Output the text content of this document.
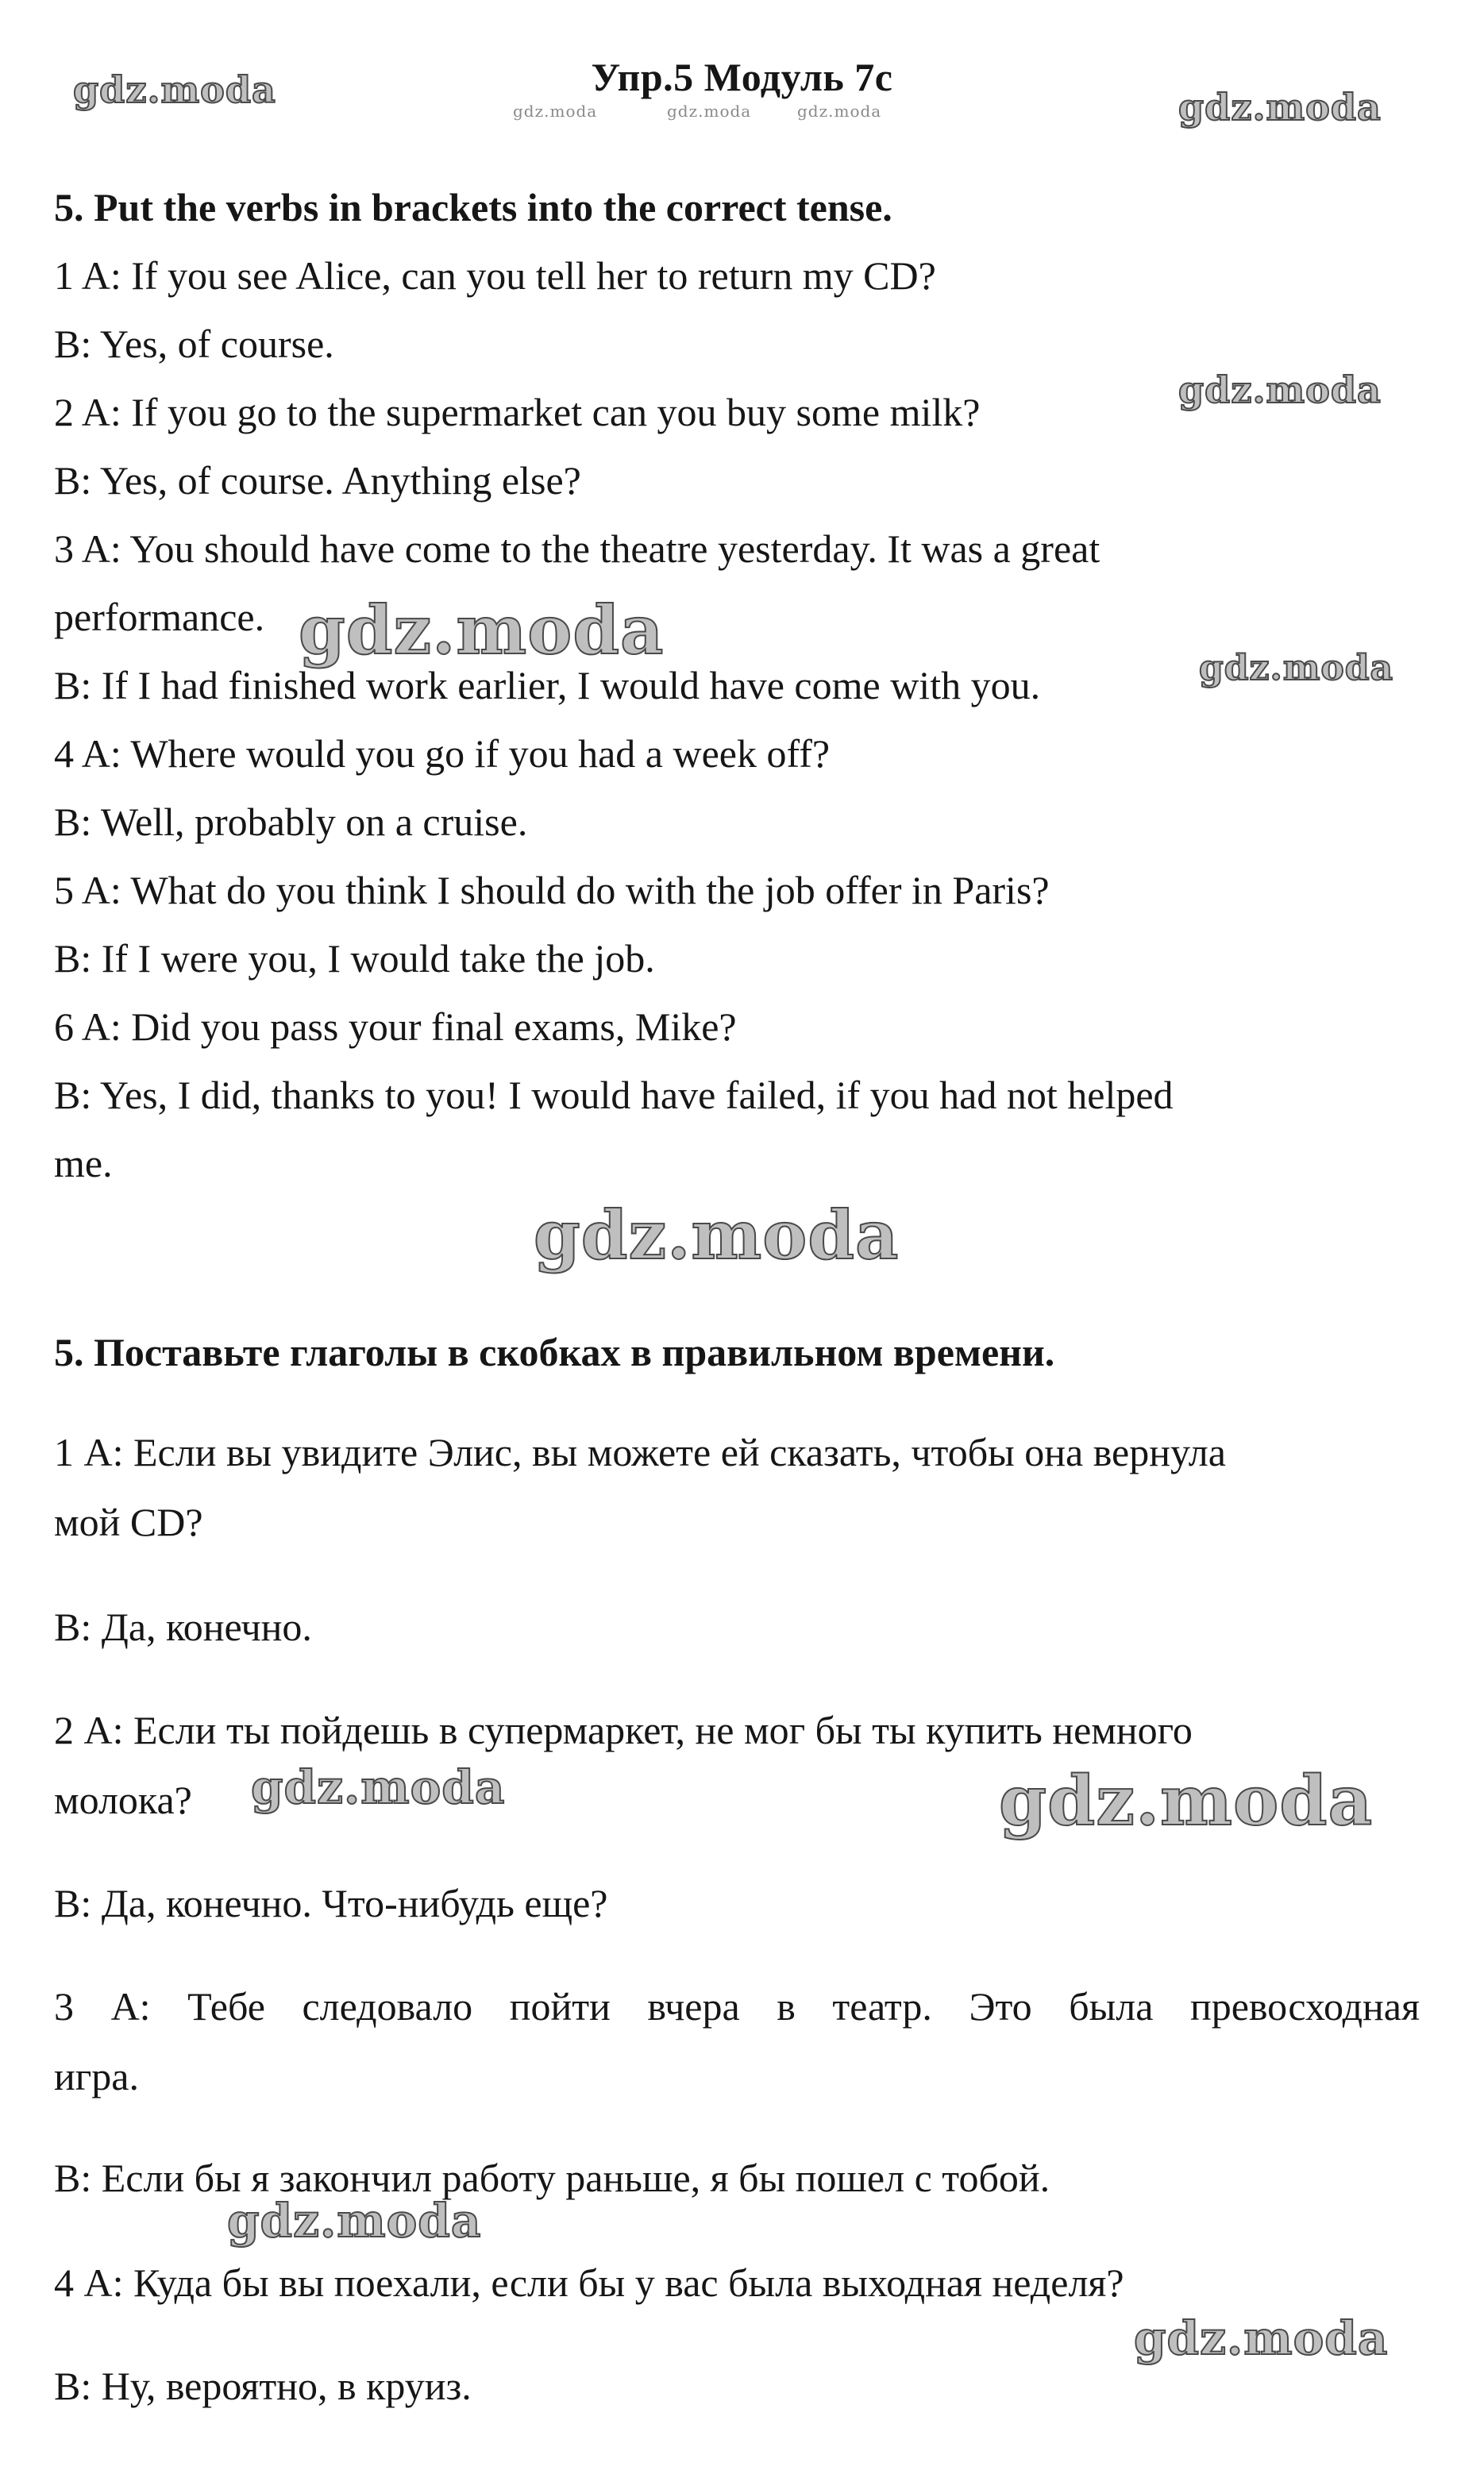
gdz.moda	gdz.moda	gdz.moda	gdz.moda	gdz.moda
gdz.moda
gdz.moda	gdz.moda
gdz.moda
gdz.moda	gdz.moda
gdz.moda
gdz.moda
Упр.5 Модуль 7с
5. Put the verbs in brackets into the correct tense.
1 A: If you see Alice, can you tell her to return my CD?
B: Yes, of course.
2 A: If you go to the supermarket can you buy some milk?
B: Yes, of course. Anything else?
3 A: You should have come to the theatre yesterday. It was a great
performance.
B: If I had finished work earlier, I would have come with you.
4 A: Where would you go if you had a week off?
B: Well, probably on a cruise.
5 A: What do you think I should do with the job offer in Paris?
B: If I were you, I would take the job.
6 A: Did you pass your final exams, Mike?
B: Yes, I did, thanks to you! I would have failed, if you had not helped
me.
5. Поставьте глаголы в скобках в правильном времени.
1 А: Если вы увидите Элис, вы можете ей сказать, чтобы она вернула
мой CD?
В: Да, конечно.
2 А: Если ты пойдешь в супермаркет, не мог бы ты купить немного
молока?
В: Да, конечно. Что-нибудь еще?
3 А: Тебе следовало пойти вчера в театр. Это была превосходная
игра.
В: Если бы я закончил работу раньше, я бы пошел с тобой.
4 А: Куда бы вы поехали, если бы у вас была выходная неделя?
В: Ну, вероятно, в круиз.
